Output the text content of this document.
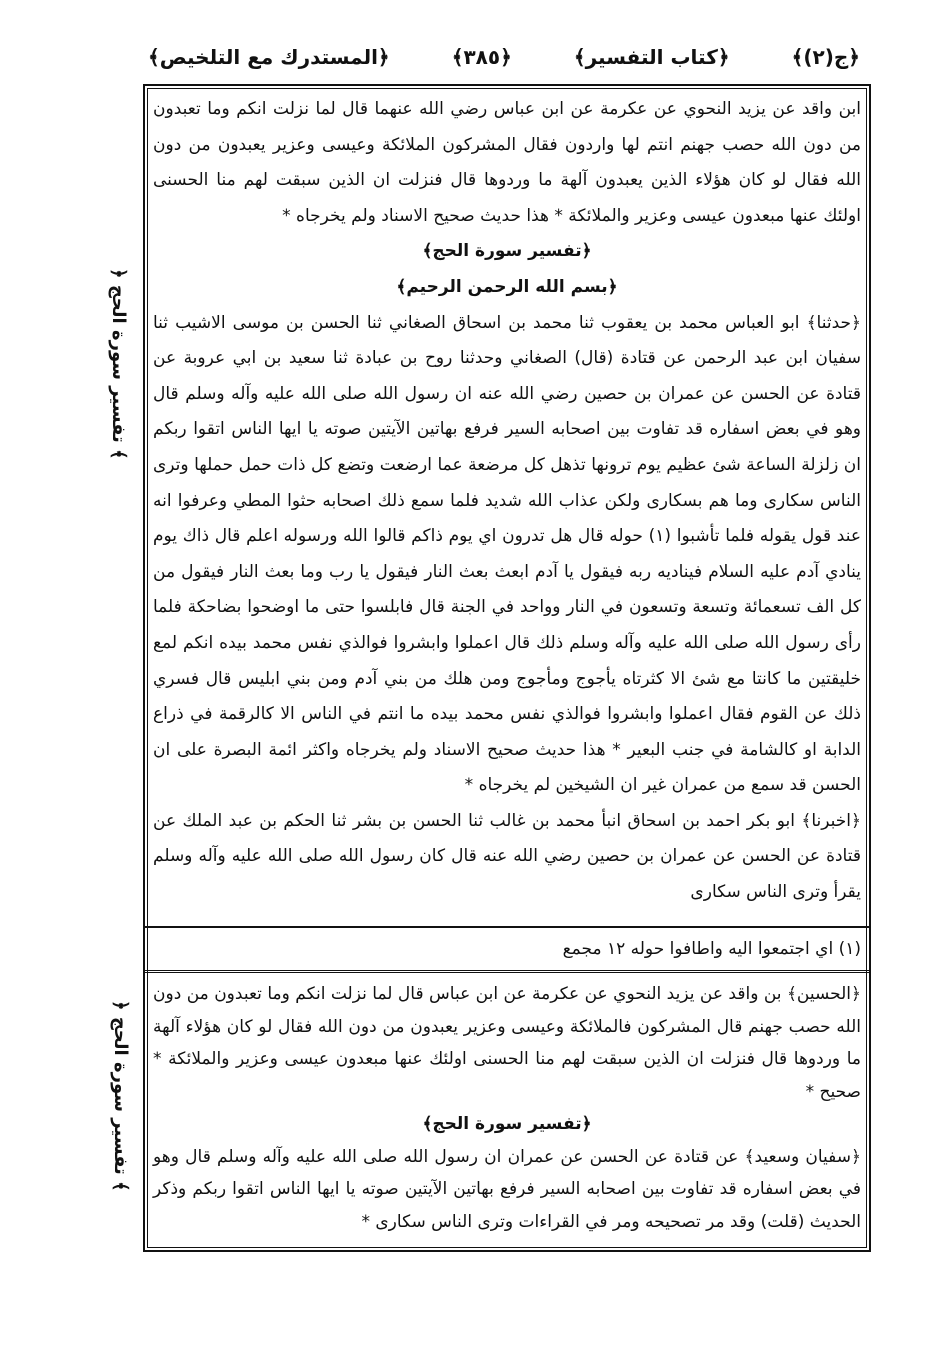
﴿المستدرك مع التلخيص﴾	﴿٣٨٥﴾	﴿كتاب التفسير﴾	﴿ج(٢)﴾
﴿ تفسير سورة الحج ﴾
﴿ تفسير سورة الحج ﴾

ابن واقد عن يزيد النحوي عن عكرمة عن ابن عباس رضي الله عنهما قال لما نزلت انكم وما تعبدون من دون الله حصب جهنم انتم لها واردون فقال المشركون الملائكة وعيسى وعزير يعبدون من دون الله فقال لو كان هؤلاء الذين يعبدون آلهة ما وردوها قال فنزلت ان الذين سبقت لهم منا الحسنى اولئك عنها مبعدون عيسى وعزير والملائكة * هذا حديث صحيح الاسناد ولم يخرجاه *

﴿تفسير سورة الحج﴾

﴿بسم الله الرحمن الرحيم﴾

﴿حدثنا﴾ ابو العباس محمد بن يعقوب ثنا محمد بن اسحاق الصغاني ثنا الحسن بن موسى الاشيب ثنا سفيان ابن عبد الرحمن عن قتادة (قال) الصغاني وحدثنا روح بن عبادة ثنا سعيد بن ابي عروبة عن قتادة عن الحسن عن عمران بن حصين رضي الله عنه ان رسول الله صلى الله عليه وآله وسلم قال وهو في بعض اسفاره قد تفاوت بين اصحابه السير فرفع بهاتين الآيتين صوته يا ايها الناس اتقوا ربكم ان زلزلة الساعة شئ عظيم يوم ترونها تذهل كل مرضعة عما ارضعت وتضع كل ذات حمل حملها وترى الناس سكارى وما هم بسكارى ولكن عذاب الله شديد فلما سمع ذلك اصحابه حثوا المطي وعرفوا انه عند قول يقوله فلما تأشبوا (١) حوله قال هل تدرون اي يوم ذاكم قالوا الله ورسوله اعلم قال ذاك يوم ينادي آدم عليه السلام فيناديه ربه فيقول يا آدم ابعث بعث النار فيقول يا رب وما بعث النار فيقول من كل الف تسعمائة وتسعة وتسعون في النار وواحد في الجنة قال فابلسوا حتى ما اوضحوا بضاحكة فلما رأى رسول الله صلى الله عليه وآله وسلم ذلك قال اعملوا وابشروا فوالذي نفس محمد بيده انكم لمع خليقتين ما كانتا مع شئ الا كثرتاه يأجوج ومأجوج ومن هلك من بني آدم ومن بني ابليس قال فسري ذلك عن القوم فقال اعملوا وابشروا فوالذي نفس محمد بيده ما انتم في الناس الا كالرقمة في ذراع الدابة او كالشامة في جنب البعير * هذا حديث صحيح الاسناد ولم يخرجاه واكثر ائمة البصرة على ان الحسن قد سمع من عمران غير ان الشيخين لم يخرجاه *

﴿اخبرنا﴾ ابو بكر احمد بن اسحاق انبأ محمد بن غالب ثنا الحسن بن بشر ثنا الحكم بن عبد الملك عن قتادة عن الحسن عن عمران بن حصين رضي الله عنه قال كان رسول الله صلى الله عليه وآله وسلم يقرأ وترى الناس سكارى

(١) اي اجتمعوا اليه واطافوا حوله ١٢ مجمع

﴿الحسين﴾ بن واقد عن يزيد النحوي عن عكرمة عن ابن عباس قال لما نزلت انكم وما تعبدون من دون الله حصب جهنم قال المشركون فالملائكة وعيسى وعزير يعبدون من دون الله فقال لو كان هؤلاء آلهة ما وردوها قال فنزلت ان الذين سبقت لهم منا الحسنى اولئك عنها مبعدون عيسى وعزير والملائكة * صحيح *

﴿تفسير سورة الحج﴾

﴿سفيان وسعيد﴾ عن قتادة عن الحسن عن عمران ان رسول الله صلى الله عليه وآله وسلم قال وهو في بعض اسفاره قد تفاوت بين اصحابه السير فرفع بهاتين الآيتين صوته يا ايها الناس اتقوا ربكم وذكر الحديث (قلت) وقد مر تصحيحه ومر في القراءات وترى الناس سكارى *
